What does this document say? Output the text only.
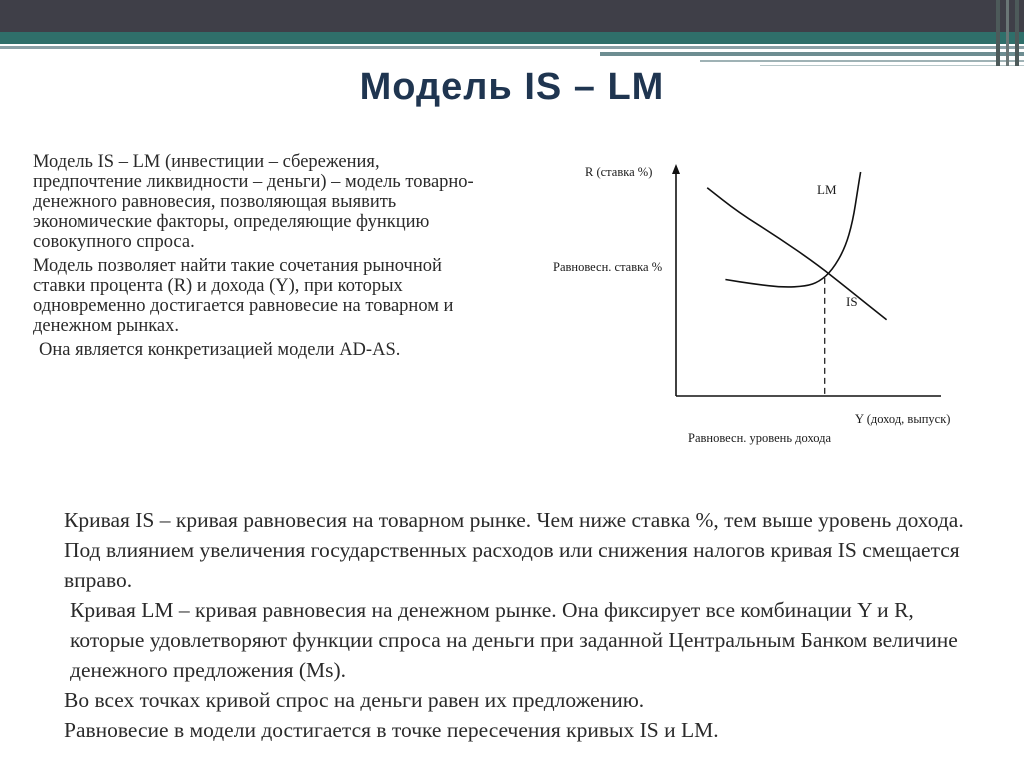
Модель IS – LM

Модель IS – LM (инвестиции – сбережения, предпочтение ликвидности – деньги) – модель товарно-денежного равновесия, позволяющая выявить экономические факторы, определяющие функцию совокупного спроса.

Модель позволяет найти такие сочетания рыночной ставки процента (R) и дохода (Y), при которых одновременно достигается равновесие на товарном и денежном рынках.

Она является конкретизацией модели AD-AS.

R (ставка %)
Y (доход, выпуск)
Равновесн. ставка %
Равновесн. уровень дохода
IS
LM

Кривая IS – кривая равновесия на товарном рынке. Чем ниже ставка %, тем выше уровень дохода. Под влиянием увеличения государственных расходов или снижения налогов кривая IS смещается вправо.

Кривая LM – кривая равновесия на денежном рынке. Она фиксирует все комбинации Y и R, которые удовлетворяют функции спроса на деньги при заданной Центральным Банком величине денежного предложения (Ms).

Во всех точках кривой спрос на деньги равен их предложению.

Равновесие в модели достигается в точке пересечения кривых IS и LM.
